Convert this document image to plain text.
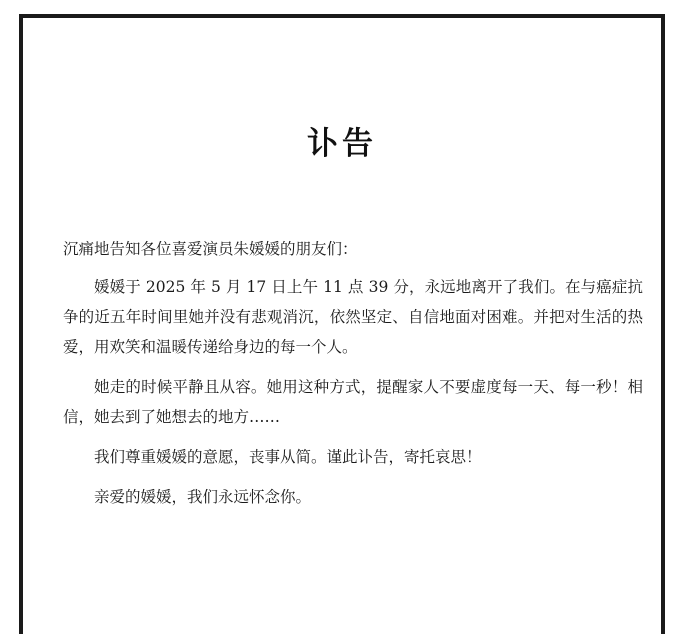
讣告

沉痛地告知各位喜爱演员朱媛媛的朋友们：

媛媛于 2025 年 5 月 17 日上午 11 点 39 分，永远地离开了我们。在与癌症抗争的近五年时间里她并没有悲观消沉，依然坚定、自信地面对困难。并把对生活的热爱，用欢笑和温暖传递给身边的每一个人。

她走的时候平静且从容。她用这种方式，提醒家人不要虚度每一天、每一秒！相信，她去到了她想去的地方……

我们尊重媛媛的意愿，丧事从简。谨此讣告，寄托哀思！

亲爱的媛媛，我们永远怀念你。
